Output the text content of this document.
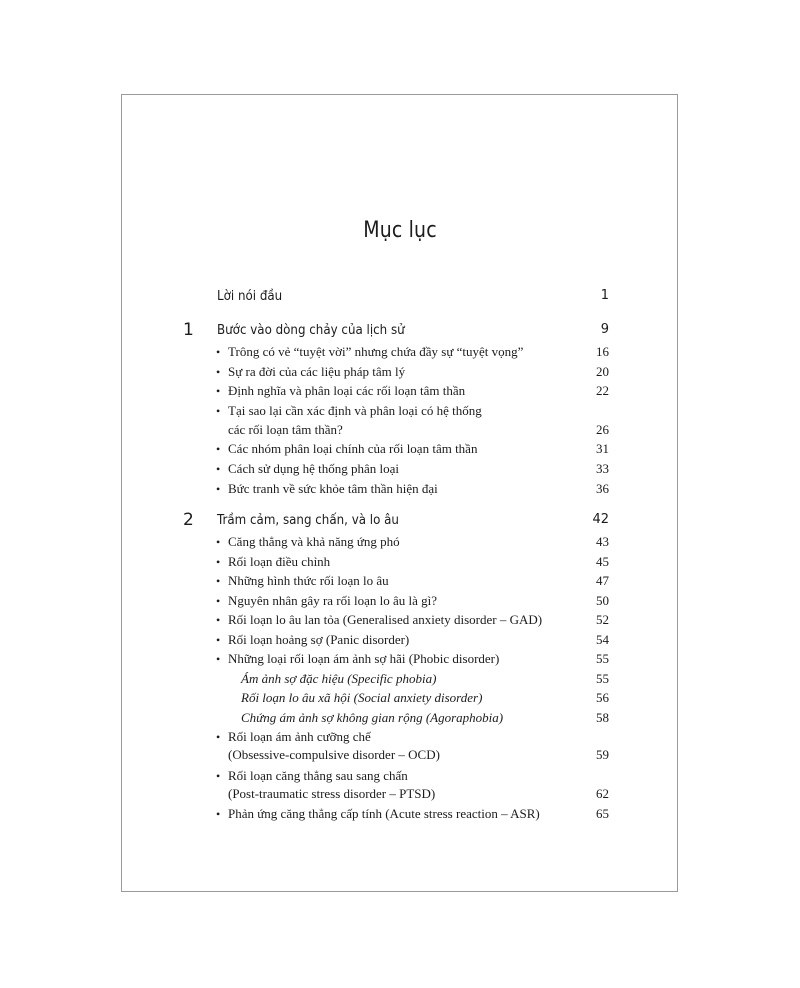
Mục lục
Lời nói đầu	1
1 Bước vào dòng chảy của lịch sử	9
• Trông có vẻ “tuyệt vời” nhưng chứa đầy sự “tuyệt vọng”	16
• Sự ra đời của các liệu pháp tâm lý	20
• Định nghĩa và phân loại các rối loạn tâm thần	22
• Tại sao lại cần xác định và phân loại có hệ thống
các rối loạn tâm thần?	26
• Các nhóm phân loại chính của rối loạn tâm thần	31
• Cách sử dụng hệ thống phân loại	33
• Bức tranh về sức khỏe tâm thần hiện đại	36
2 Trầm cảm, sang chấn, và lo âu	42
• Căng thẳng và khả năng ứng phó	43
• Rối loạn điều chỉnh	45
• Những hình thức rối loạn lo âu	47
• Nguyên nhân gây ra rối loạn lo âu là gì?	50
• Rối loạn lo âu lan tỏa (Generalised anxiety disorder – GAD)	52
• Rối loạn hoảng sợ (Panic disorder)	54
• Những loại rối loạn ám ảnh sợ hãi (Phobic disorder)	55
Ám ảnh sợ đặc hiệu (Specific phobia)	55
Rối loạn lo âu xã hội (Social anxiety disorder)	56
Chứng ám ảnh sợ không gian rộng (Agoraphobia)	58
• Rối loạn ám ảnh cưỡng chế
(Obsessive-compulsive disorder – OCD)	59
• Rối loạn căng thẳng sau sang chấn
(Post-traumatic stress disorder – PTSD)	62
• Phản ứng căng thẳng cấp tính (Acute stress reaction – ASR)	65
